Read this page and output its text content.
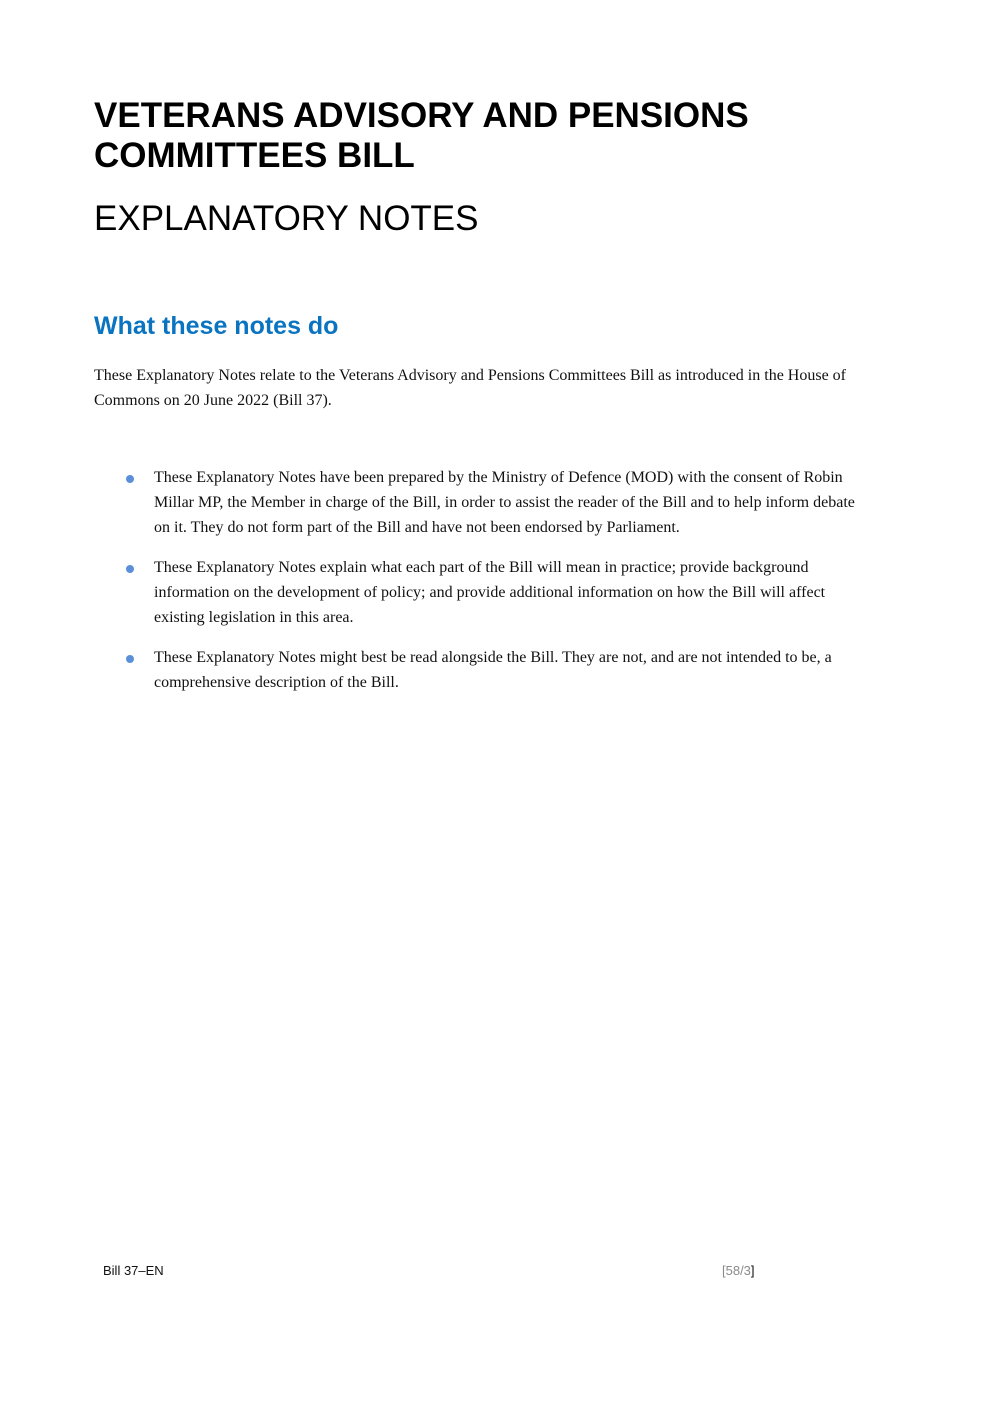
VETERANS ADVISORY AND PENSIONS COMMITTEES BILL
EXPLANATORY NOTES
What these notes do

These Explanatory Notes relate to the Veterans Advisory and Pensions Committees Bill as introduced in the House of Commons on 20 June 2022 (Bill 37).

These Explanatory Notes have been prepared by the Ministry of Defence (MOD) with the consent of Robin Millar MP, the Member in charge of the Bill, in order to assist the reader of the Bill and to help inform debate on it. They do not form part of the Bill and have not been endorsed by Parliament.
These Explanatory Notes explain what each part of the Bill will mean in practice; provide background information on the development of policy; and provide additional information on how the Bill will affect existing legislation in this area.
These Explanatory Notes might best be read alongside the Bill. They are not, and are not intended to be, a comprehensive description of the Bill.
Bill 37–EN	[58/3]
